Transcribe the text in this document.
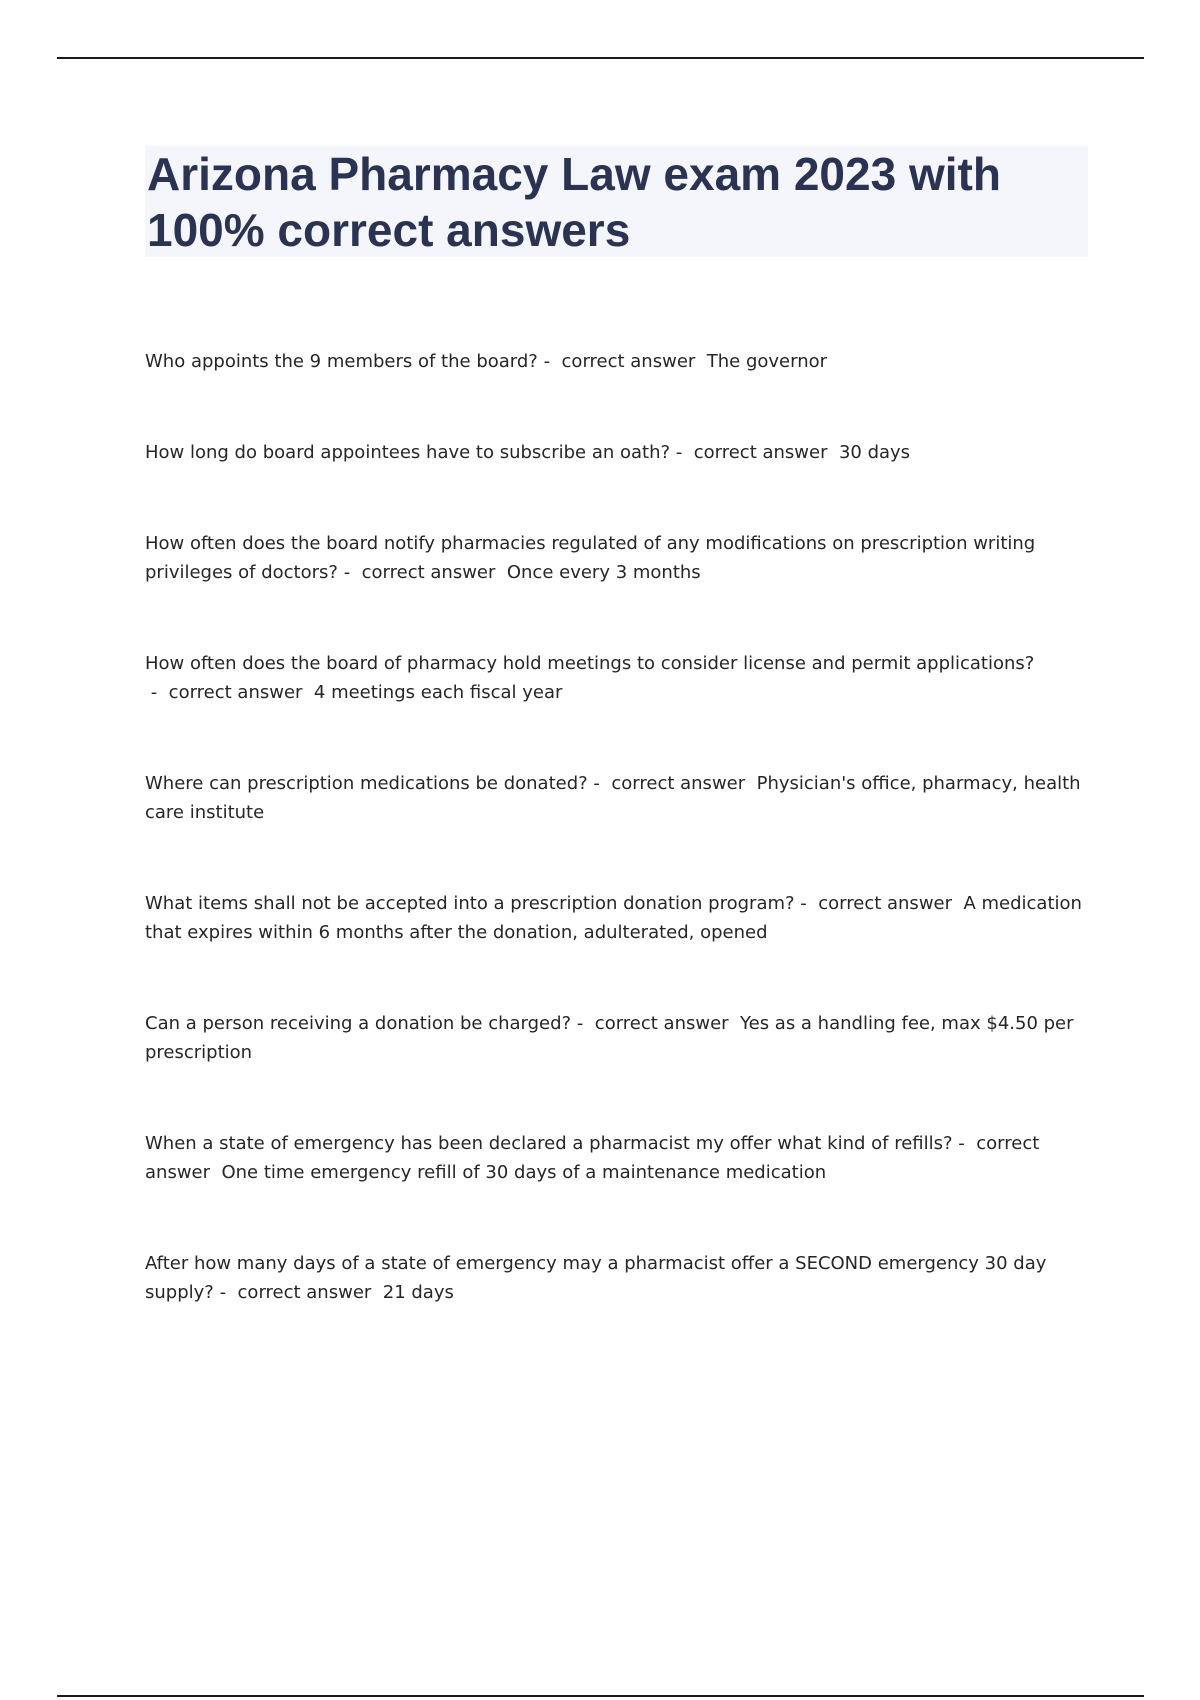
Arizona Pharmacy Law exam 2023 with 100% correct answers
Who appoints the 9 members of the board? -  correct answer The governor
How long do board appointees have to subscribe an oath? -  correct answer 30 days
How often does the board notify pharmacies regulated of any modifications on prescription writing privileges of doctors? -  correct answer Once every 3 months
How often does the board of pharmacy hold meetings to consider license and permit applications? -  correct answer 4 meetings each fiscal year
Where can prescription medications be donated? -  correct answer Physician's office, pharmacy, health care institute
What items shall not be accepted into a prescription donation program? -  correct answer A medication that expires within 6 months after the donation, adulterated, opened
Can a person receiving a donation be charged? -  correct answer Yes as a handling fee, max $4.50 per prescription
When a state of emergency has been declared a pharmacist my offer what kind of refills? -  correct answer One time emergency refill of 30 days of a maintenance medication
After how many days of a state of emergency may a pharmacist offer a SECOND emergency 30 day supply? -  correct answer 21 days
